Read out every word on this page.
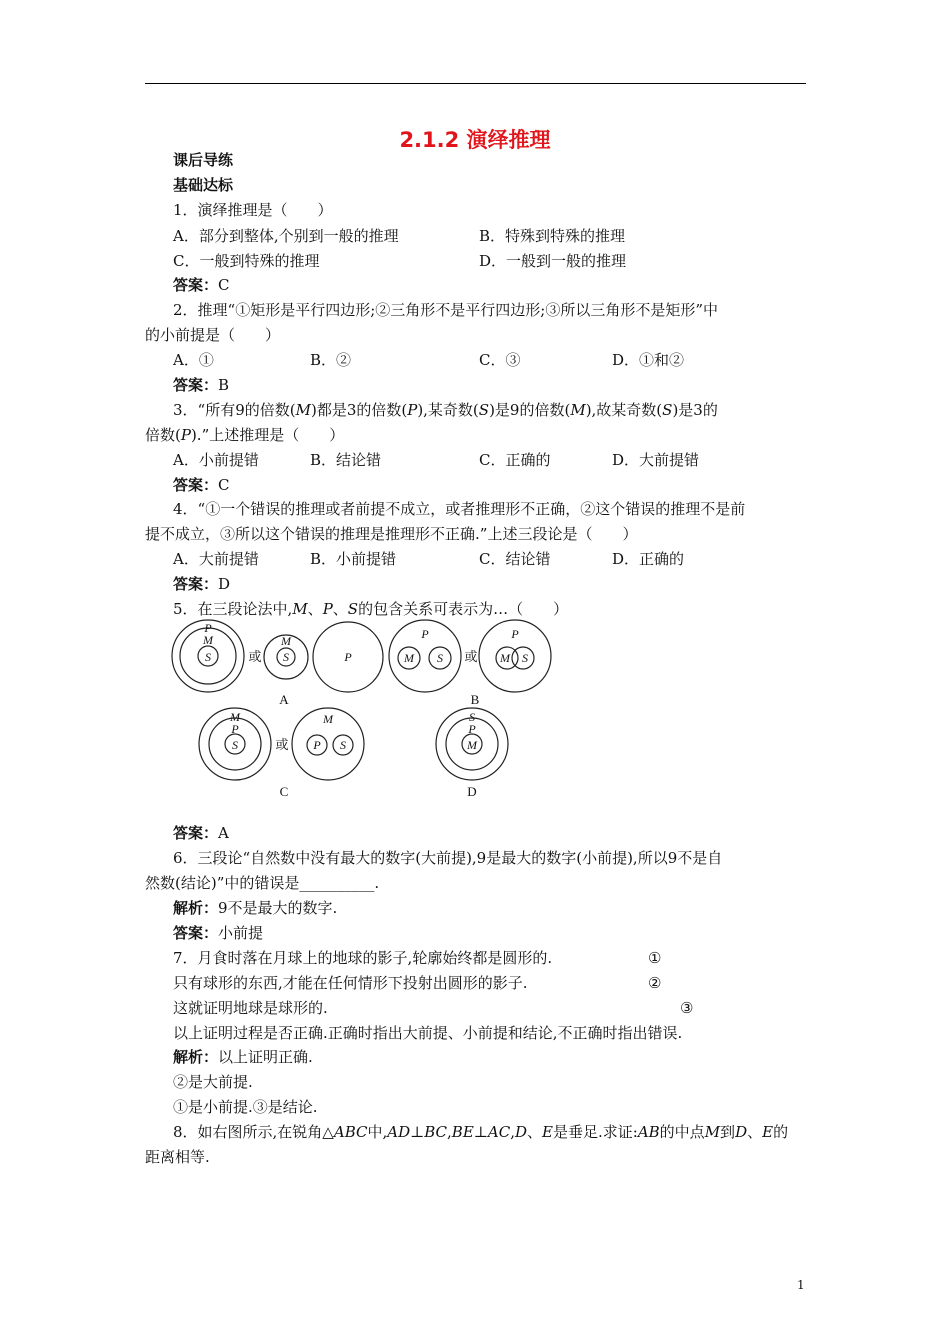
2.1.2 演绎推理
课后导练
基础达标
1．演绎推理是（　　）
A．部分到整体,个别到一般的推理	B．特殊到特殊的推理
C．一般到特殊的推理	D．一般到一般的推理
答案：C
2．推理“①矩形是平行四边形;②三角形不是平行四边形;③所以三角形不是矩形”中
的小前提是（　　）
A．①	B．②	C．③	D．①和②
答案：B
3．“所有9的倍数(M)都是3的倍数(P),某奇数(S)是9的倍数(M),故某奇数(S)是3的
倍数(P).”上述推理是（　　）
A．小前提错	B．结论错	C．正确的	D．大前提错
答案：C
4．“①一个错误的推理或者前提不成立，或者推理形不正确，②这个错误的推理不是前
提不成立，③所以这个错误的推理是推理形不正确.”上述三段论是（　　）
A．大前提错	B．小前提错	C．结论错	D．正确的
答案：D
5．在三段论法中,M、P、S的包含关系可表示为…（　　）
P
M
S
M
S	P
P
M S
P
M S
M
P
S
M
P S
S
P
M
或	或
或
A	B
C	D
答案：A
6．三段论“自然数中没有最大的数字(大前提),9是最大的数字(小前提),所以9不是自
然数(结论)”中的错误是__________.
解析：9不是最大的数字.
答案：小前提
7．月食时落在月球上的地球的影子,轮廓始终都是圆形的.	①
只有球形的东西,才能在任何情形下投射出圆形的影子.	②
这就证明地球是球形的.	③
以上证明过程是否正确.正确时指出大前提、小前提和结论,不正确时指出错误.
解析：以上证明正确.
②是大前提.
①是小前提.③是结论.
8．如右图所示,在锐角△ABC中,AD⊥BC,BE⊥AC,D、E是垂足.求证:AB的中点M到D、E的
距离相等.
1
